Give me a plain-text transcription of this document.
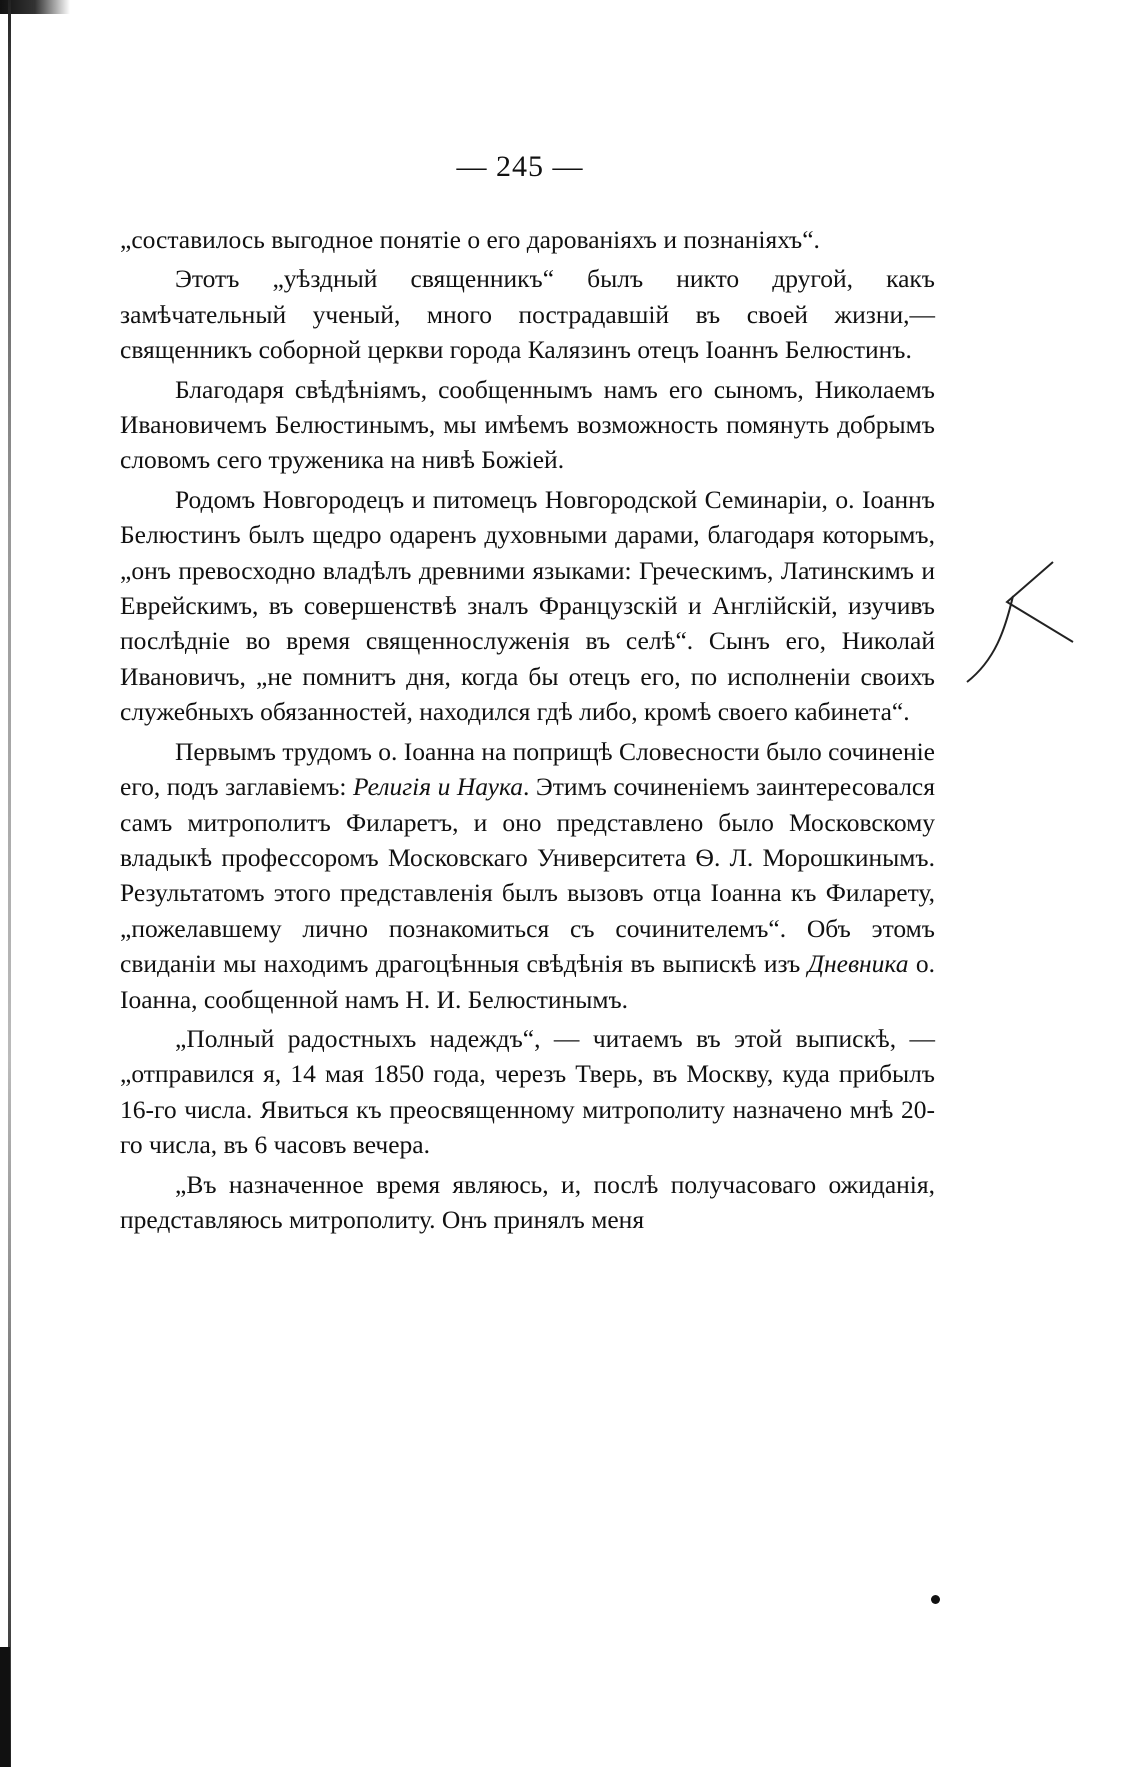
— 245 —

„составилось выгодное понятіе о его дарованіяхъ и познаніяхъ“.

Этотъ „уѣздный священникъ“ былъ никто другой, какъ замѣчательный ученый, много пострадавшій въ своей жизни,— священникъ соборной церкви города Калязинъ отецъ Іоаннъ Белюстинъ.

Благодаря свѣдѣніямъ, сообщеннымъ намъ его сыномъ, Николаемъ Ивановичемъ Белюстинымъ, мы имѣемъ возможность помянуть добрымъ словомъ сего труженика на нивѣ Божіей.

Родомъ Новгородецъ и питомецъ Новгородской Семинаріи, о. Іоаннъ Белюстинъ былъ щедро одаренъ духовными дарами, благодаря которымъ, „онъ превосходно владѣлъ древними языками: Греческимъ, Латинскимъ и Еврейскимъ, въ совершенствѣ зналъ Французскій и Англійскій, изучивъ послѣдніе во время священнослуженія въ селѣ“. Сынъ его, Николай Ивановичъ, „не помнитъ дня, когда бы отецъ его, по исполненіи своихъ служебныхъ обязанностей, находился гдѣ либо, кромѣ своего кабинета“.

Первымъ трудомъ о. Іоанна на поприщѣ Словесности было сочиненіе его, подъ заглавіемъ: Религія и Наука. Этимъ сочиненіемъ заинтересовался самъ митрополитъ Филаретъ, и оно представлено было Московскому владыкѣ профессоромъ Московскаго Университета Ѳ. Л. Морошкинымъ. Результатомъ этого представленія былъ вызовъ отца Іоанна къ Филарету, „пожелавшему лично познакомиться съ сочинителемъ“. Объ этомъ свиданіи мы находимъ драгоцѣнныя свѣдѣнія въ выпискѣ изъ Дневника о. Іоанна, сообщенной намъ Н. И. Белюстинымъ.

„Полный радостныхъ надеждъ“, — читаемъ въ этой выпискѣ, — „отправился я, 14 мая 1850 года, черезъ Тверь, въ Москву, куда прибылъ 16-го числа. Явиться къ преосвященному митрополиту назначено мнѣ 20-го числа, въ 6 часовъ вечера.

„Въ назначенное время являюсь, и, послѣ получасоваго ожиданія, представляюсь митрополиту. Онъ принялъ меня
